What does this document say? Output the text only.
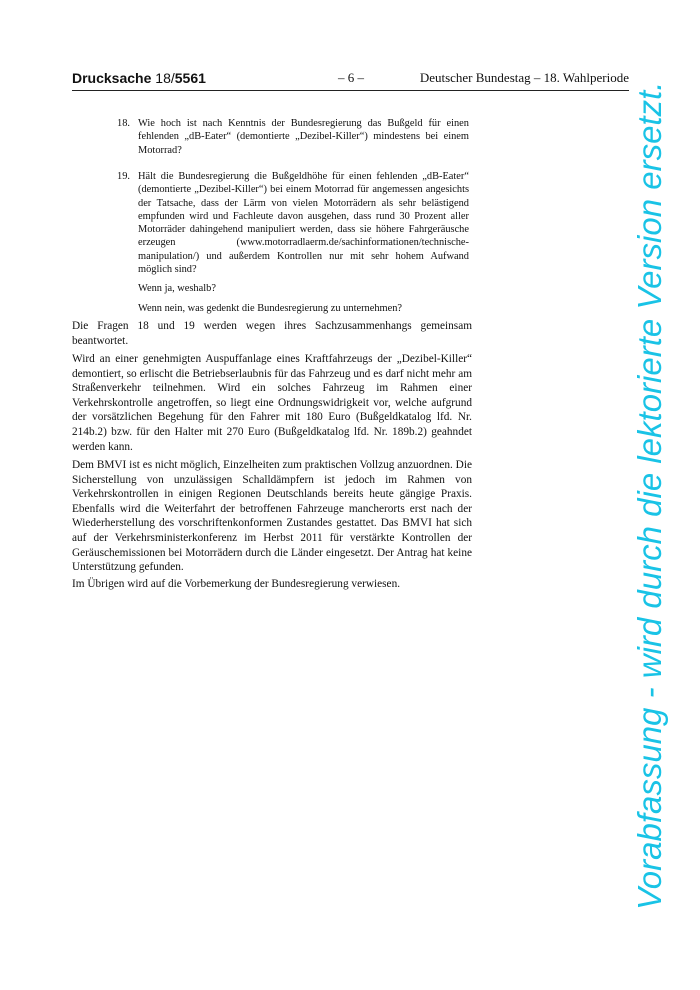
Drucksache 18/5561	– 6 –	Deutscher Bundestag – 18. Wahlperiode
18. Wie hoch ist nach Kenntnis der Bundesregierung das Bußgeld für einen fehlenden „dB-Eater“ (demontierte „Dezibel-Killer“) mindestens bei einem Motorrad?
19. Hält die Bundesregierung die Bußgeldhöhe für einen fehlenden „dB-Eater“ (demontierte „Dezibel-Killer“) bei einem Motorrad für angemessen angesichts der Tatsache, dass der Lärm von vielen Motorrädern als sehr belästigend empfunden wird und Fachleute davon ausgehen, dass rund 30 Prozent aller Motorräder dahingehend manipuliert werden, dass sie höhere Fahrgeräusche erzeugen (www.motorradlaerm.de/sachinformationen/technische-manipulation/) und außerdem Kontrollen nur mit sehr hohem Aufwand möglich sind?
Wenn ja, weshalb?
Wenn nein, was gedenkt die Bundesregierung zu unternehmen?
Die Fragen 18 und 19 werden wegen ihres Sachzusammenhangs gemeinsam beantwortet.
Wird an einer genehmigten Auspuffanlage eines Kraftfahrzeugs der „Dezibel-Killer“ demontiert, so erlischt die Betriebserlaubnis für das Fahrzeug und es darf nicht mehr am Straßenverkehr teilnehmen. Wird ein solches Fahrzeug im Rahmen einer Verkehrskontrolle angetroffen, so liegt eine Ordnungswidrigkeit vor, welche aufgrund der vorsätzlichen Begehung für den Fahrer mit 180 Euro (Bußgeldkatalog lfd. Nr. 214b.2) bzw. für den Halter mit 270 Euro (Bußgeldkatalog lfd. Nr. 189b.2) geahndet werden kann.
Dem BMVI ist es nicht möglich, Einzelheiten zum praktischen Vollzug anzuordnen. Die Sicherstellung von unzulässigen Schalldämpfern ist jedoch im Rahmen von Verkehrskontrollen in einigen Regionen Deutschlands bereits heute gängige Praxis. Ebenfalls wird die Weiterfahrt der betroffenen Fahrzeuge mancherorts erst nach der Wiederherstellung des vorschriftenkonformen Zustandes gestattet. Das BMVI hat sich auf der Verkehrsministerkonferenz im Herbst 2011 für verstärkte Kontrollen der Geräuschemissionen bei Motorrädern durch die Länder eingesetzt. Der Antrag hat keine Unterstützung gefunden.
Im Übrigen wird auf die Vorbemerkung der Bundesregierung verwiesen.	Vorabfassung - wird durch die lektorierte Version ersetzt.
